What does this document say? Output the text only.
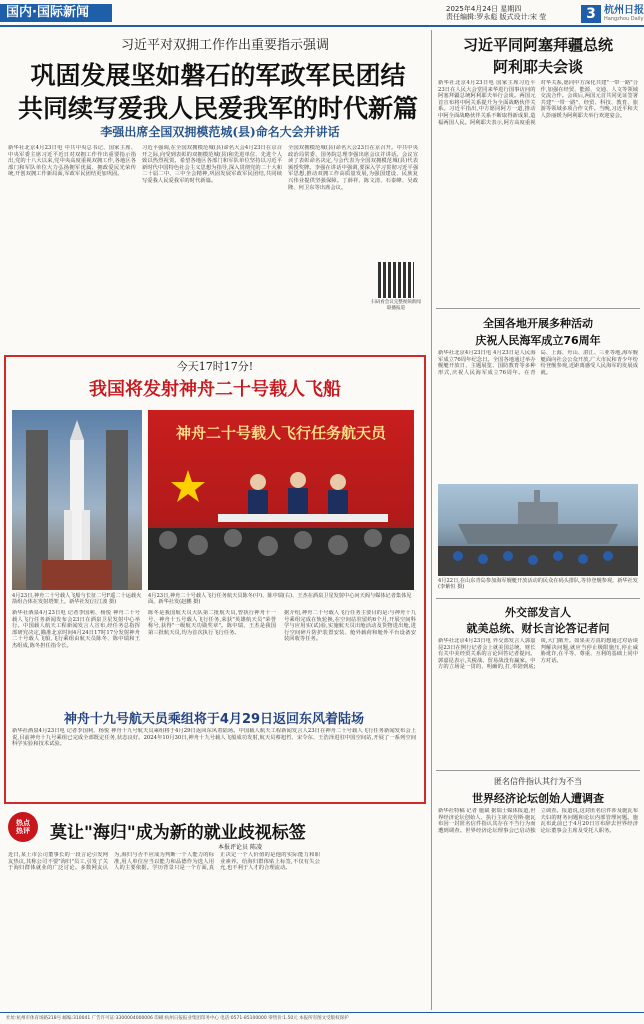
国内·国际新闻	2025年4月24日 星期四
责任编辑:罗永彪 版式设计:宋 莹	3 杭州日报
Hangzhou Daily
习近平对双拥工作作出重要指示强调
巩固发展坚如磐石的军政军民团结
共同续写爱我人民爱我军的时代新篇
李强出席全国双拥模范城(县)命名大会并讲话
新华社北京4月23日电 中共中央总书记、国家主席、中央军委主席习近平近日对双拥工作作出重要指示指出,党的十八大以来,党中央高度重视双拥工作,各地区各部门和军队单位大力弘扬拥军优属、拥政爱民光荣传统,开创双拥工作新局面,军政军民团结更加巩固。
习近平强调,在全国双拥模范城(县)命名大会4月23日在京召开之际,向受到表彰的双拥模范城(县)和先进单位、先进个人致以热烈祝贺。希望各地区各部门和军队单位坚持以习近平新时代中国特色社会主义思想为指导,深入贯彻党的二十大和二十届二中、三中全会精神,巩固发展军政军民团结,共同续写爱我人民爱我军的时代新篇。
全国双拥模范城(县)命名大会23日在京召开。中共中央政治局常委、国务院总理李强出席会议并讲话。会议宣读了表彰命名决定,与会代表为全国双拥模范城(县)代表颁授奖牌。李强在讲话中强调,要深入学习贯彻习近平强军思想,推动双拥工作高质量发展,为强国建设、民族复兴伟业提供坚强保障。丁薛祥、陈文清、石泰峰、吴政隆、何卫东等出席会议。
扫码看会议完整视频新闻联播报道
今天17时17分!
我国将发射神舟二十号载人飞船
神舟二十号载人飞行任务航天员
4月23日,神舟二十号载人飞船与长征二号F遥二十运载火箭组合体在发射塔架上。新华社发(汪江波 摄)
4月23日,神舟二十号载人飞行任务航天员陈冬(中)、陈中瑞(右)、王杰在酒泉卫星发射中心问天阁与媒体记者集体见面。新华社发(赵鹏 摄)
新华社酒泉4月23日电 记者李国利、杨悦 神舟二十号载人飞行任务新闻发布会23日在酒泉卫星发射中心举行。中国载人航天工程新闻发言人宣布,经任务总指挥部研究决定,瞄准北京时间4月24日17时17分发射神舟二十号载人飞船,飞行乘组由航天员陈冬、陈中瑞和王杰组成,陈冬担任指令长。
陈冬是我国航天员大队第二批航天员,曾执行神舟十一号、神舟十五号载人飞行任务,荣获"英雄航天员"荣誉称号,获得"一级航天功勋奖章"。陈中瑞、王杰是我国第三批航天员,均为首次执行飞行任务。
据介绍,神舟二十号载人飞行任务主要目的是:与神舟十九号乘组完成在轨轮换,在空间站驻留约6个月,开展空间科学与应用实(试)验,实施航天员出舱活动及货物进出舱,进行空间碎片防护装置安装、舱外载荷和舱外平台设备安装回收等任务。
神舟十九号航天员乘组将于4月29日返回东风着陆场
新华社酒泉4月23日电 记者李国利、杨悦 神舟十九号航天员乘组将于4月29日返回东风着陆场。中国载人航天工程新闻发言人23日在神舟二十号载人飞行任务新闻发布会上说,目前神舟十九号乘组已完成全部既定任务,状态良好。2024年10月30日,神舟十九号载人飞船成功发射,航天员蔡旭哲、宋令东、王浩泽进驻中国空间站,开展了一系列空间科学实验和技术试验。
热点
热评	莫让"海归"成为新的就业歧视标签
本报评论员 陈凌
近日,某上市公司董事长的一段言论引发网友热议,其称公司不要"海归"员工,引发了关于海归群体就业的广泛讨论。多数网友认为,海归与否不应成为判断一个人能力的标准,用人单位应当以能力和品德作为选人用人的主要依据。学历背景只是一个方面,真正决定一个人价值的是他的实际能力和职业素养。给海归群体贴上标签,不仅有失公允,也不利于人才的合理流动。
习近平同阿塞拜疆总统
阿利耶夫会谈
新华社北京4月23日电 国家主席习近平23日在人民大会堂同来华进行国事访问的阿塞拜疆总统阿利耶夫举行会谈。两国元首宣布将中阿关系提升为全面战略伙伴关系。习近平指出,中方愿同阿方一道,推动中阿全面战略伙伴关系不断取得新成果,造福两国人民。阿利耶夫表示,阿方高度重视对华关系,愿同中方深化共建"一带一路"合作,加强在经贸、能源、交通、人文等领域交流合作。会谈后,两国元首共同见证签署共建"一带一路"、经贸、科技、教育、旅游等领域多项合作文件。当晚,习近平和夫人彭丽媛为阿利耶夫举行欢迎宴会。
全国各地开展多种活动
庆祝人民海军成立76周年
新华社北京4月23日电 4月23日是人民海军成立76周年纪念日。全国各地通过举办舰艇开放日、主题展览、国防教育等多种形式,庆祝人民海军成立76周年。在青岛、上海、舟山、湛江、三亚等地,海军舰艇面向社会公众开放,广大市民和青少年纷纷登舰参观,近距离感受人民海军的发展成就。
4月22日,在山东青岛参加海军舰艇开放活动的民众在码头排队,等待登舰参观。新华社发(李紫恒 摄)
外交部发言人
就美总统、财长言论答记者问
新华社北京4月23日电 外交部发言人郭嘉昆23日在例行记者会上就美国总统、财长有关中美经贸关系的言论回答记者提问。郭嘉昆表示,关税战、贸易战没有赢家。中方的立场是一贯的、明确的,打,奉陪到底;谈,大门敞开。如果美方真的想通过对话谈判解决问题,就应当停止极限施压,停止威胁讹诈,在平等、尊重、互利的基础上同中方对话。
匿名信件指认其行为不当
世界经济论坛创始人遭调查
新华社特稿 记者 施斌 据瑞士媒体报道,世界经济论坛创始人、执行主席克劳斯·施瓦布因一封匿名信件指认其存在不当行为而遭到调查。世界经济论坛理事会已启动独立调查。报道说,这封匿名信件涉及施瓦布夫妇的财务问题和论坛内部管理问题。施瓦布此前已于4月20日宣布辞去世界经济论坛董事会主席及受托人职务。
社址:杭州市体育场路218号 邮编:310041 广告许可证:3300004000006 印刷:杭州日报报业集团印务中心 电话:0571-85100000 零售价:1.50元 本报所有图文受版权保护
